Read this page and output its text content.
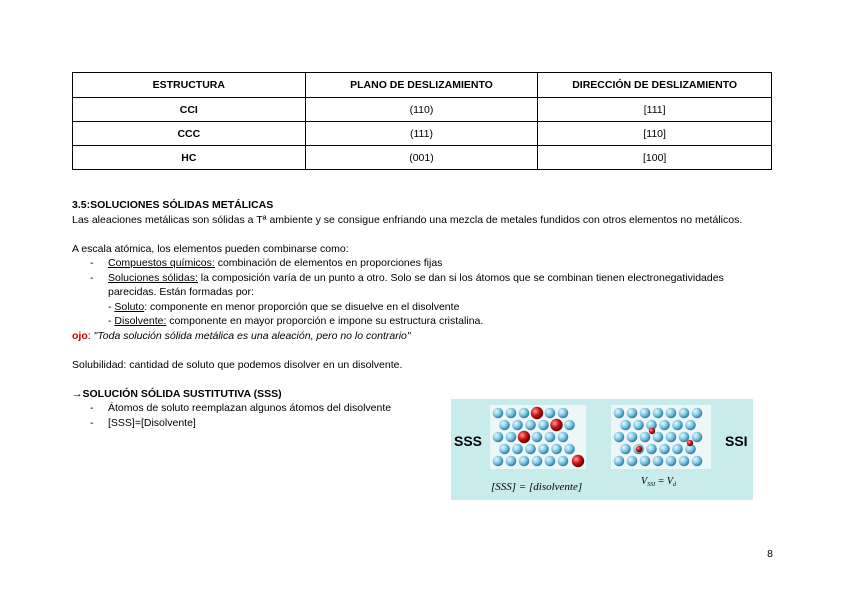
ESTRUCTURA	PLANO DE DESLIZAMIENTO	DIRECCIÓN DE DESLIZAMIENTO
CCI	(110)	[111]
CCC	(111)	[110]
HC	(001)	[100]
3.5:SOLUCIONES SÓLIDAS METÁLICAS
Las aleaciones metálicas son sólidas a Tª ambiente y se consigue enfriando una mezcla de metales fundidos con otros elementos no metálicos.
A escala atómica, los elementos pueden combinarse como:
- Compuestos químicos: combinación de elementos en proporciones fijas
- Soluciones sólidas: la composición varía de un punto a otro. Solo se dan si los átomos que se combinan tienen electronegatividades parecidas. Están formadas por:
- Soluto: componente en menor proporción que se disuelve en el disolvente
- Disolvente: componente en mayor proporción e impone su estructura cristalina.
ojo: "Toda solución sólida metálica es una aleación, pero no lo contrario"
Solubilidad: cantidad de soluto que podemos disolver en un disolvente.
→SOLUCIÓN SÓLIDA SUSTITUTIVA (SSS)
- Átomos de soluto reemplazan algunos átomos del disolvente
- [SSS]=[Disolvente]
SSS	SSI
[SSS] = [disolvente]	$V_{SSI} = V_d$
8
